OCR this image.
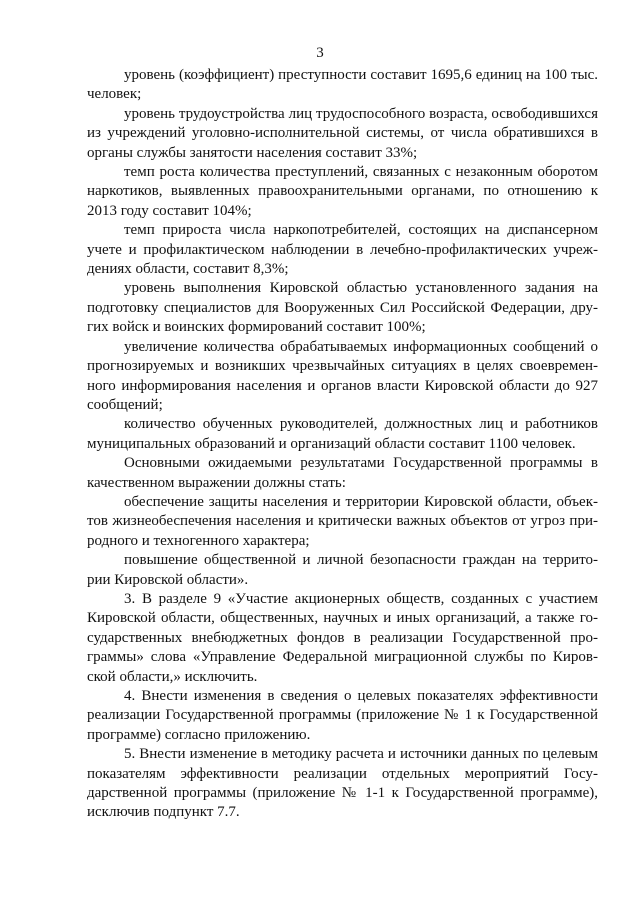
3

уровень (коэффициент) преступности составит 1695,6 единиц на 100 тыс. человек;

уровень трудоустройства лиц трудоспособного возраста, освободившихся из учреждений уголовно-исполнительной системы, от числа обратившихся в органы службы занятости населения составит 33%;

темп роста количества преступлений, связанных с незаконным оборотом наркотиков, выявленных правоохранительными органами, по отношению к 2013 году составит 104%;

темп прироста числа наркопотребителей, состоящих на диспансерном учете и профилактическом наблюдении в лечебно-профилактических учреждениях области, составит 8,3%;

уровень выполнения Кировской областью установленного задания на подготовку специалистов для Вооруженных Сил Российской Федерации, других войск и воинских формирований составит 100%;

увеличение количества обрабатываемых информационных сообщений о прогнозируемых и возникших чрезвычайных ситуациях в целях своевременного информирования населения и органов власти Кировской области до 927 сообщений;

количество обученных руководителей, должностных лиц и работников муниципальных образований и организаций области составит 1100 человек.

Основными ожидаемыми результатами Государственной программы в качественном выражении должны стать:

обеспечение защиты населения и территории Кировской области, объектов жизнеобеспечения населения и критически важных объектов от угроз природного и техногенного характера;

повышение общественной и личной безопасности граждан на территории Кировской области».

3. В разделе 9 «Участие акционерных обществ, созданных с участием Кировской области, общественных, научных и иных организаций, а также государственных внебюджетных фондов в реализации Государственной программы» слова «Управление Федеральной миграционной службы по Кировской области,» исключить.

4. Внести изменения в сведения о целевых показателях эффективности реализации Государственной программы (приложение № 1 к Государственной программе) согласно приложению.

5. Внести изменение в методику расчета и источники данных по целевым показателям эффективности реализации отдельных мероприятий Государственной программы (приложение № 1-1 к Государственной программе), исключив подпункт 7.7.
